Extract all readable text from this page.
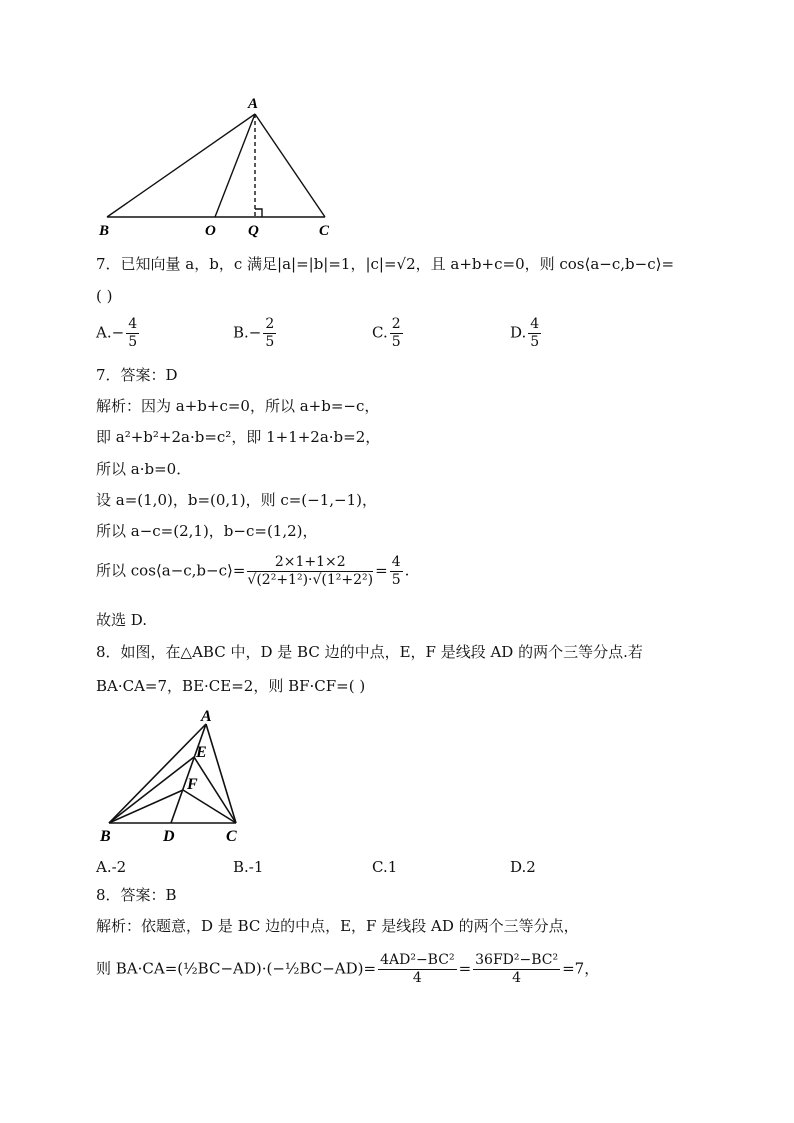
A
B	O Q	C
7．已知向量 a，b，c 满足|a|=|b|=1，|c|=√2，且 a+b+c=0，则 cos⟨a−c,b−c⟩=
( )
$A.- \frac{4}{5}$	$B.- \frac{2}{5}$	C. $\frac{2}{5}$	D. $\frac{4}{5}$
7．答案：D
解析：因为 a+b+c=0，所以 a+b=−c，
即 a²+b²+2a·b=c²，即 1+1+2a·b=2，
所以 a·b=0．
设 a=(1,0)，b=(0,1)，则 c=(−1,−1)，
所以 a−c=(2,1)，b−c=(1,2)，
所以 cos⟨a−c,b−c⟩= $\frac{2\times 1+1\times 2}{\text{√(2²+1²)·√(1²+2²)}} = \frac{4}{5}$ .
故选 D.
8．如图，在△ABC 中，D 是 BC 边的中点，E，F 是线段 AD 的两个三等分点.若
BA·CA=7，BE·CE=2，则 BF·CF=( )
A
E
F
B	D	C
A.-2	B.-1	C.1	D.2
8．答案：B
解析：依题意，D 是 BC 边的中点，E，F 是线段 AD 的两个三等分点，
则 BA·CA=(½BC−AD)·(−½BC−AD)= $\frac{\text{4AD²−BC²}}{4} = \frac{\text{36FD²−BC²}}{4} =7$，
